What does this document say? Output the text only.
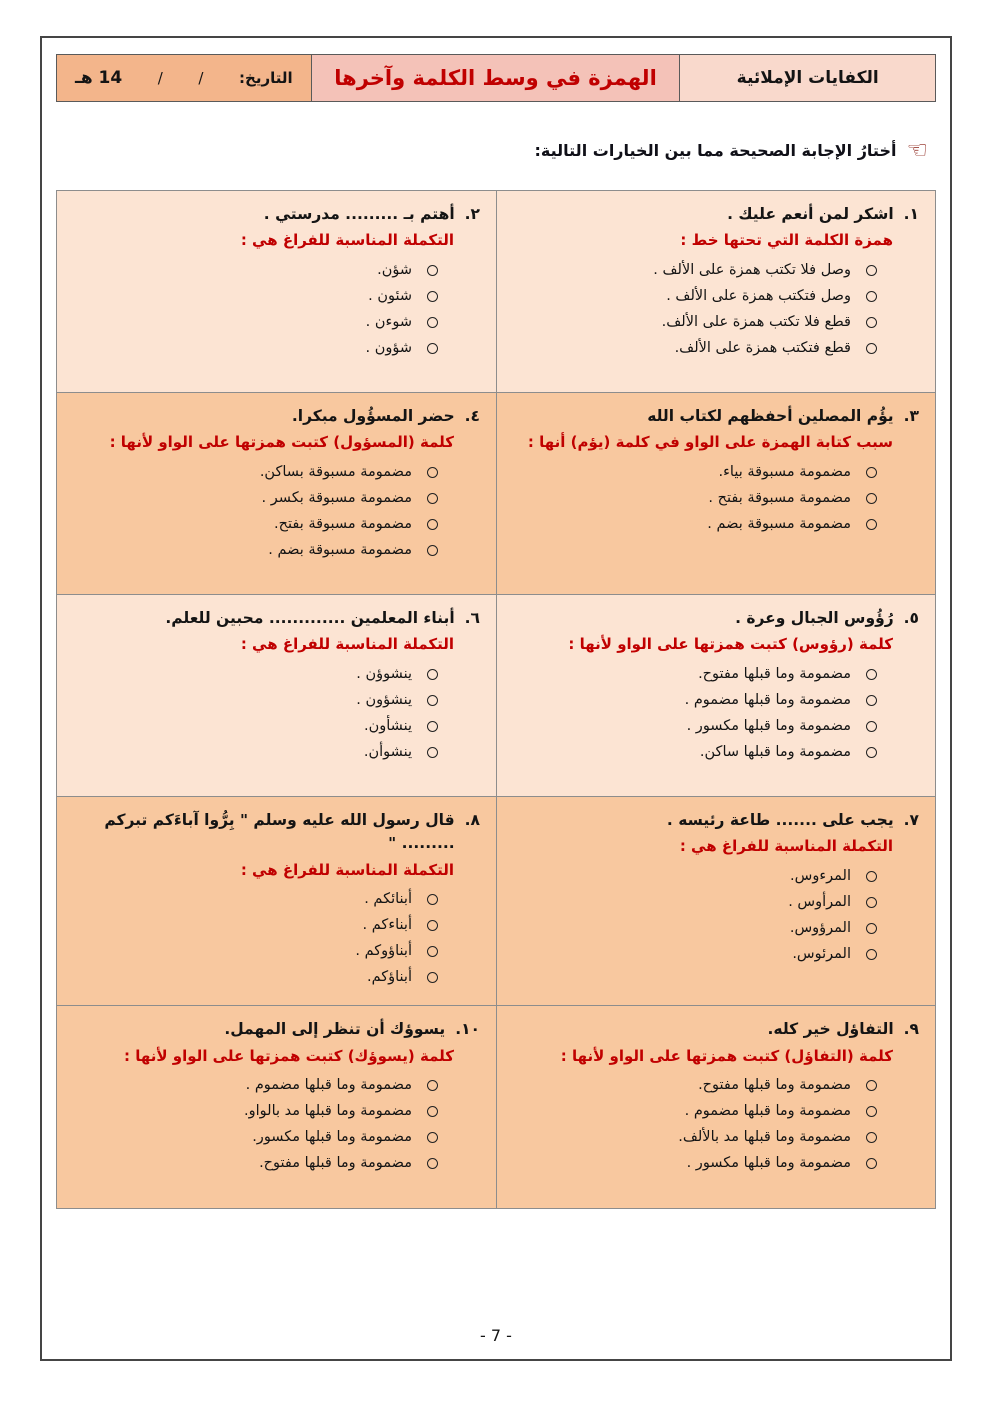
الكفايات الإملائية
الهمزة في وسط الكلمة وآخرها
التاريخ:
/
/
14 هـ
☜
أختارُ الإجابة الصحيحة مما بين الخيارات التالية:
١.
اشكر لمن أنعم عليك .
همزة الكلمة التي تحتها خط :
وصل فلا تكتب همزة على الألف .
وصل فتكتب همزة على الألف .
قطع فلا تكتب همزة على الألف.
قطع فتكتب همزة على الألف.
٢.
أهتم بـ ......... مدرستي .
التكملة المناسبة للفراغ هي :
شؤن.
شئون .
شوءن .
شؤون .
٣.
يؤُم المصلين أحفظهم لكتاب الله
سبب كتابة الهمزة على الواو في كلمة (يؤم) أنها :
مضمومة مسبوقة بياء.
مضمومة مسبوقة بفتح .
مضمومة مسبوقة بضم .
٤.
حضر المسؤُول مبكرا.
كلمة (المسؤول) كتبت همزتها على الواو لأنها :
مضمومة مسبوقة بساكن.
مضمومة مسبوقة بكسر .
مضمومة مسبوقة بفتح.
مضمومة مسبوقة بضم .
٥.
رُؤُوس الجبال وعرة .
كلمة (رؤوس) كتبت همزتها على الواو لأنها :
مضمومة وما قبلها مفتوح.
مضمومة وما قبلها مضموم .
مضمومة وما قبلها مكسور .
مضمومة وما قبلها ساكن.
٦.
أبناء المعلمين ............. محبين للعلم.
التكملة المناسبة للفراغ هي :
ينشوؤن .
ينشؤون .
ينشأون.
ينشوأن.
٧.
يجب على ....... طاعة رئيسه .
التكملة المناسبة للفراغ هي :
المرءوس.
المرأوس .
المرؤوس.
المرئوس.
٨.
قال رسول الله عليه وسلم " بِرُّوا آباءَكم تبركم ......... "
التكملة المناسبة للفراغ هي :
أبنائكم .
أبناءكم .
أبناؤوكم .
أبناؤكم.
٩.
التفاؤل خير كله.
كلمة (التفاؤل) كتبت همزتها على الواو لأنها :
مضمومة وما قبلها مفتوح.
مضمومة وما قبلها مضموم .
مضمومة وما قبلها مد بالألف.
مضمومة وما قبلها مكسور .
١٠.
يسوؤك أن تنظر إلى المهمل.
كلمة (يسوؤك) كتبت همزتها على الواو لأنها :
مضمومة وما قبلها مضموم .
مضمومة وما قبلها مد بالواو.
مضمومة وما قبلها مكسور.
مضمومة وما قبلها مفتوح.
- 7 -
